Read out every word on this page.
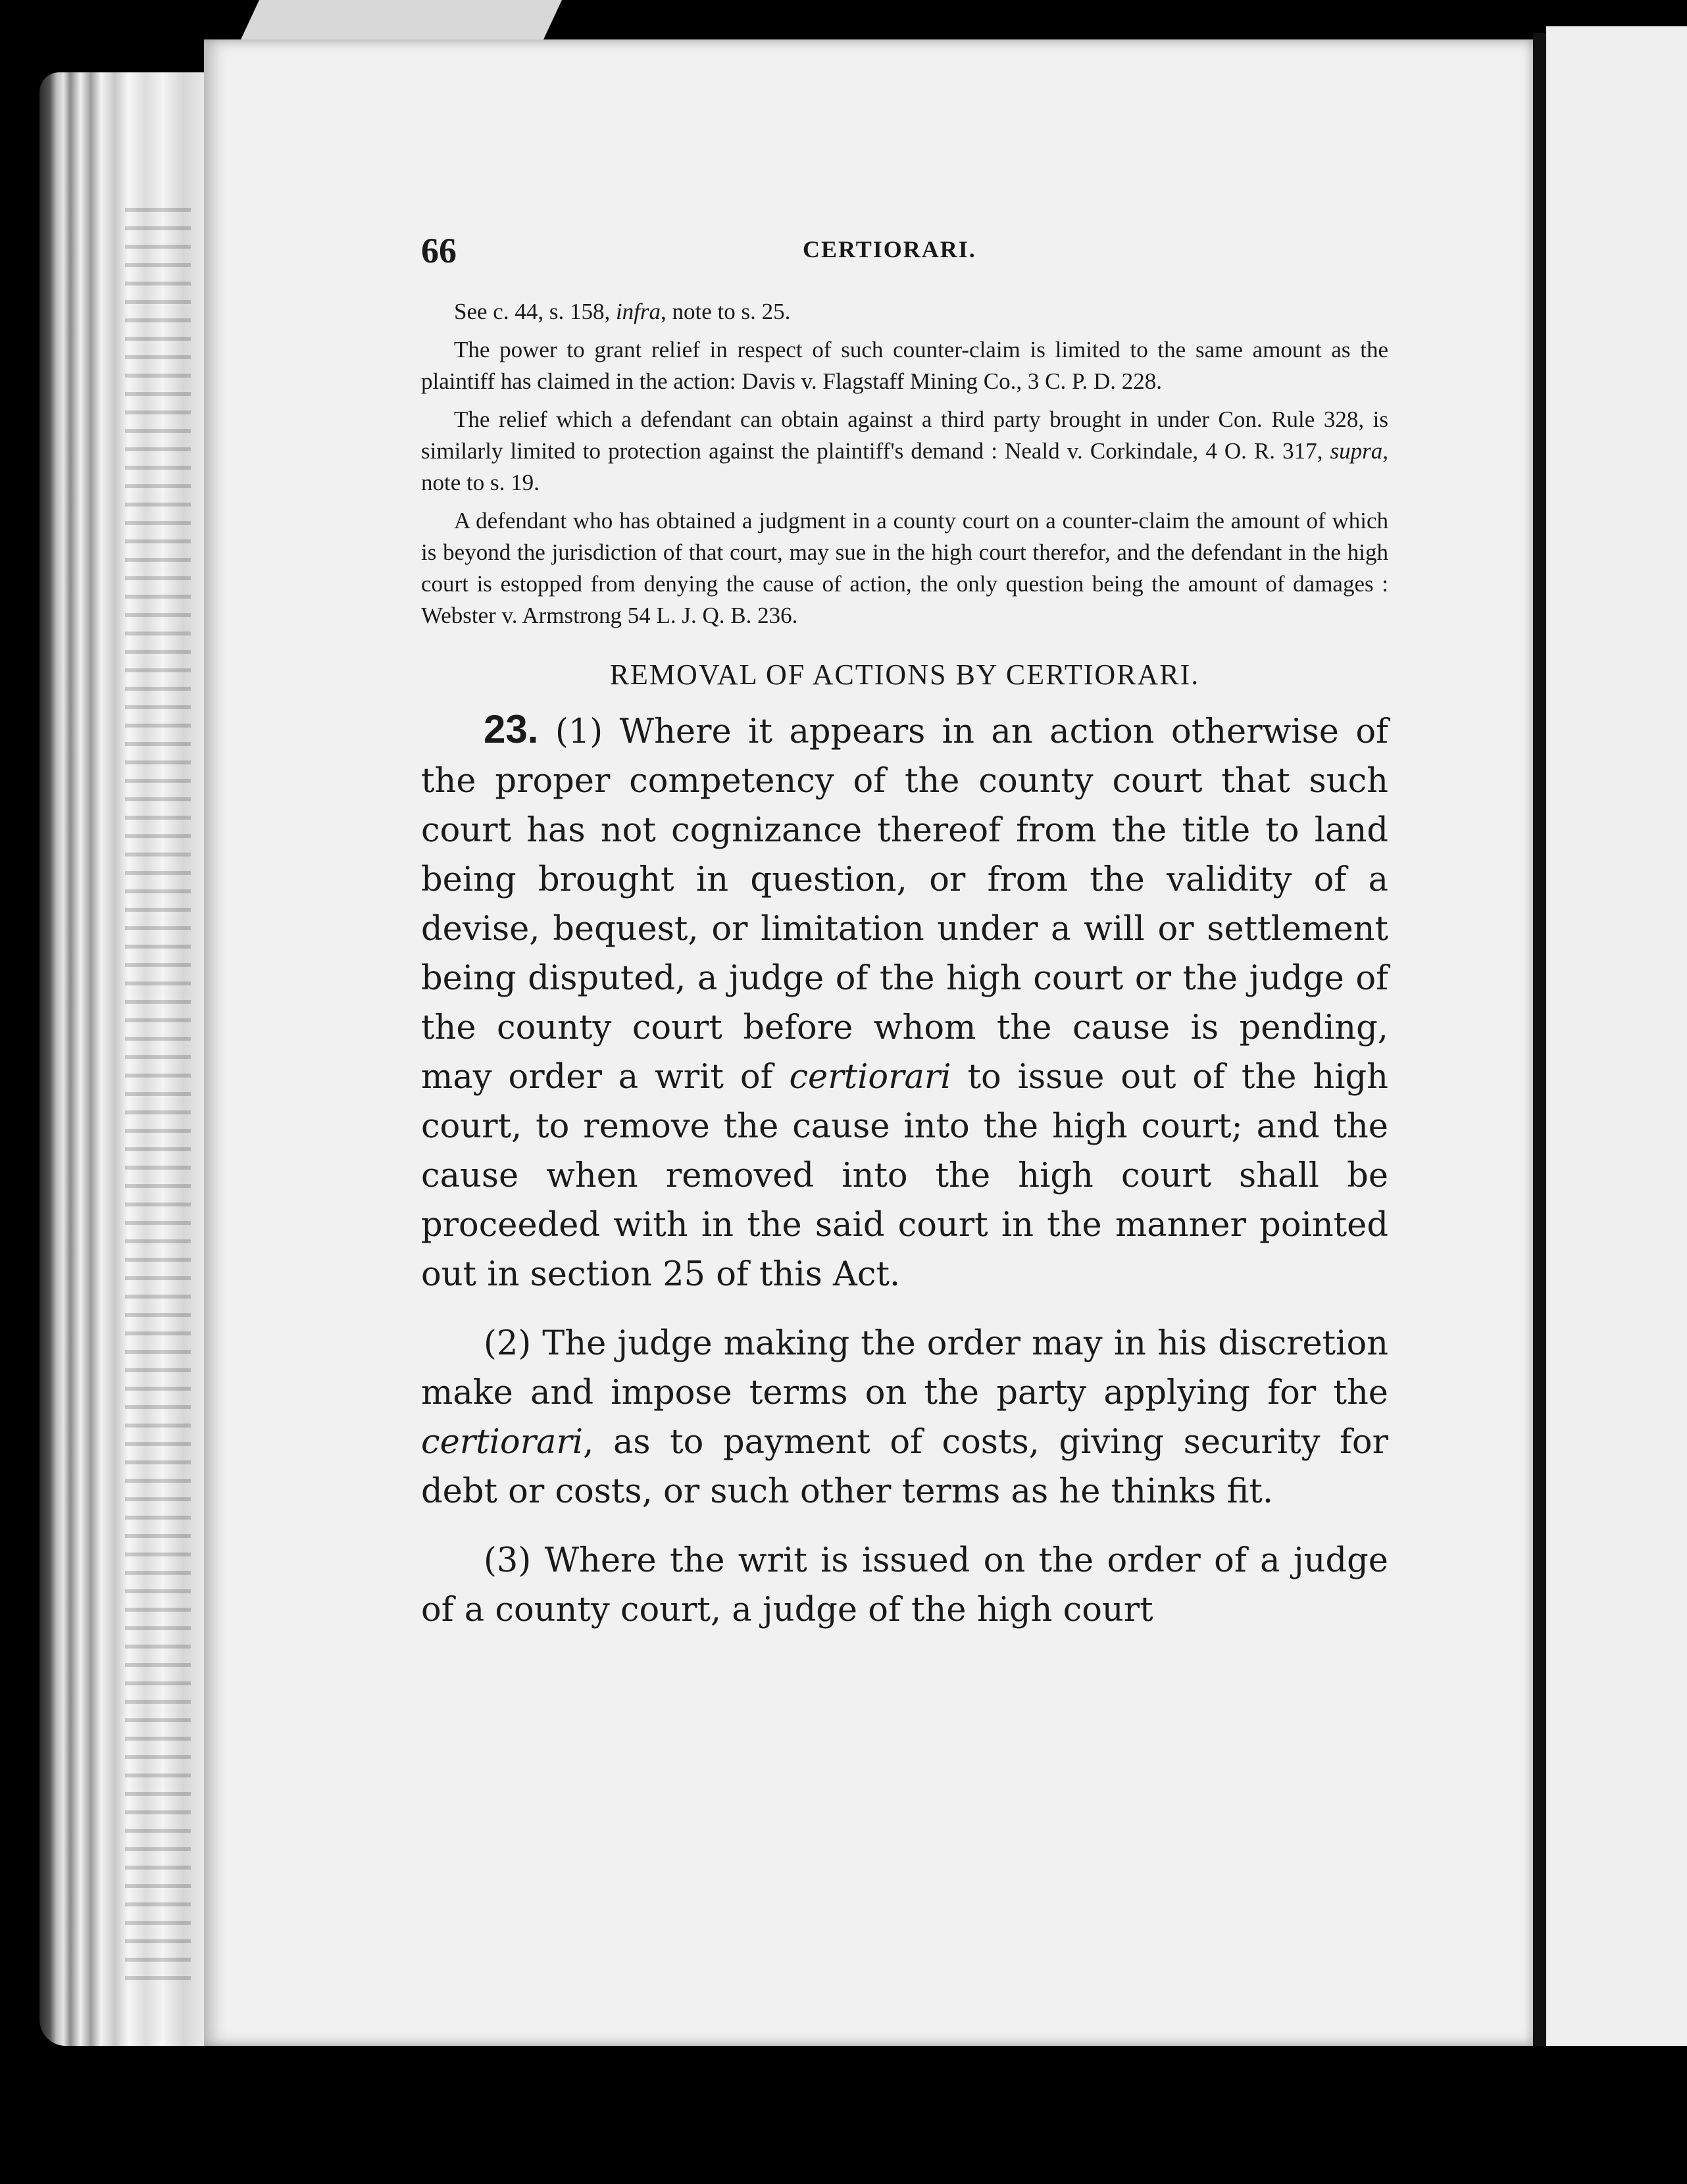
66	CERTIORARI.

See c. 44, s. 158, infra, note to s. 25.

The power to grant relief in respect of such counter-claim is limited to the same amount as the plaintiff has claimed in the action: Davis v. Flagstaff Mining Co., 3 C. P. D. 228.

The relief which a defendant can obtain against a third party brought in under Con. Rule 328, is similarly limited to protection against the plaintiff's demand : Neald v. Corkindale, 4 O. R. 317, supra, note to s. 19.

A defendant who has obtained a judgment in a county court on a counter-claim the amount of which is beyond the jurisdiction of that court, may sue in the high court therefor, and the defendant in the high court is estopped from denying the cause of action, the only question being the amount of damages : Webster v. Armstrong 54 L. J. Q. B. 236.

REMOVAL OF ACTIONS BY CERTIORARI.

23. (1) Where it appears in an action otherwise of the proper competency of the county court that such court has not cognizance thereof from the title to land being brought in question, or from the validity of a devise, bequest, or limitation under a will or settlement being disputed, a judge of the high court or the judge of the county court before whom the cause is pending, may order a writ of certiorari to issue out of the high court, to remove the cause into the high court; and the cause when removed into the high court shall be proceeded with in the said court in the manner pointed out in section 25 of this Act.

(2) The judge making the order may in his discretion make and impose terms on the party applying for the certiorari, as to payment of costs, giving security for debt or costs, or such other terms as he thinks fit.

(3) Where the writ is issued on the order of a judge of a county court, a judge of the high court
